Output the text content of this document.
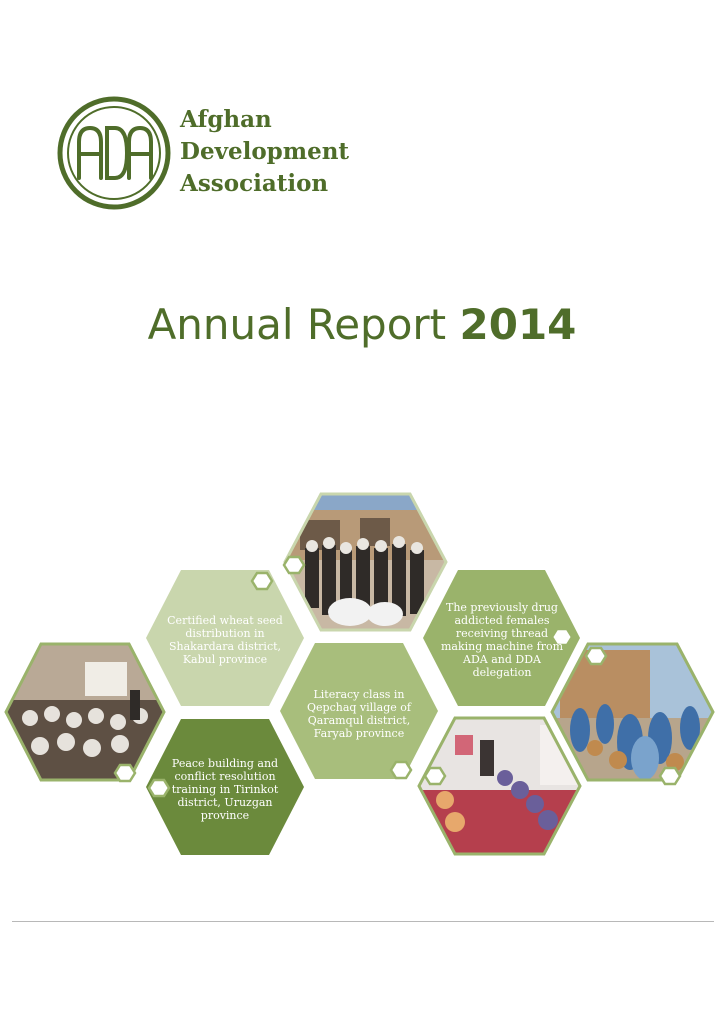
Afghan
Development
Association
Annual Report 2014
Certified wheat seed distribution in Shakardara district, Kabul province
The previously drug addicted females receiving thread making machine from ADA and DDA delegation
Literacy class in Qepchaq village of Qaramqul district, Faryab province
Peace building and conflict resolution training in Tirinkot district, Uruzgan province
